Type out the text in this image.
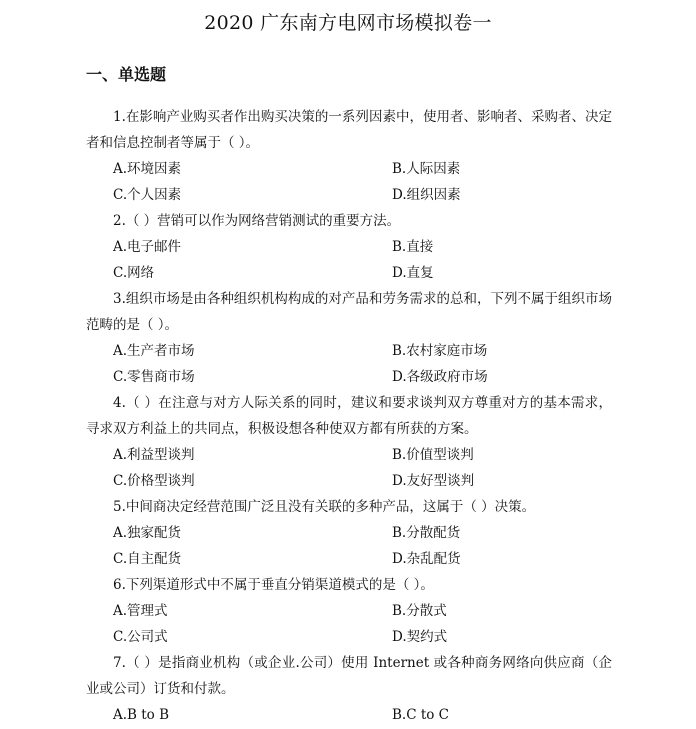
2020 广东南方电网市场模拟卷一
一、单选题

1.在影响产业购买者作出购买决策的一系列因素中，使用者、影响者、采购者、决定者和信息控制者等属于（ ）。

A.环境因素	B.人际因素
C.个人因素	D.组织因素

2.（ ）营销可以作为网络营销测试的重要方法。

A.电子邮件	B.直接
C.网络	D.直复

3.组织市场是由各种组织机构构成的对产品和劳务需求的总和，下列不属于组织市场范畴的是（ ）。

A.生产者市场	B.农村家庭市场
C.零售商市场	D.各级政府市场

4.（ ）在注意与对方人际关系的同时，建议和要求谈判双方尊重对方的基本需求，寻求双方利益上的共同点，积极设想各种使双方都有所获的方案。

A.利益型谈判	B.价值型谈判
C.价格型谈判	D.友好型谈判

5.中间商决定经营范围广泛且没有关联的多种产品，这属于（ ）决策。

A.独家配货	B.分散配货
C.自主配货	D.杂乱配货

6.下列渠道形式中不属于垂直分销渠道模式的是（ ）。

A.管理式	B.分散式
C.公司式	D.契约式

7.（ ）是指商业机构（或企业.公司）使用 Internet 或各种商务网络向供应商（企业或公司）订货和付款。

A.B to B	B.C to C
